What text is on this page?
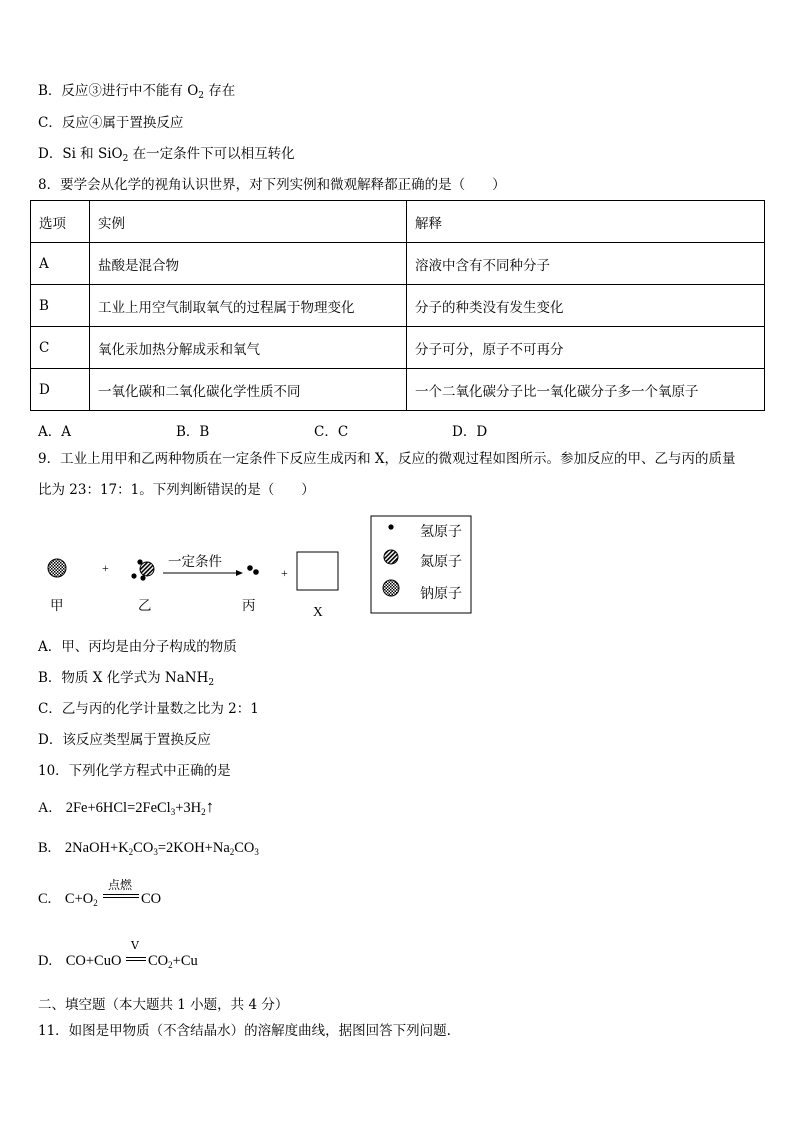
B．反应③进行中不能有 $O_2$ 存在
C．反应④属于置换反应
D．Si 和 SiO$_2$ 在一定条件下可以相互转化
8．要学会从化学的视角认识世界，对下列实例和微观解释都正确的是（　　）
选项	实例	解释
A	盐酸是混合物	溶液中含有不同种分子
B	工业上用空气制取氧气的过程属于物理变化	分子的种类没有发生变化
C	氧化汞加热分解成汞和氧气	分子可分，原子不可再分
D	一氧化碳和二氧化碳化学性质不同	一个二氧化碳分子比一氧化碳分子多一个氧原子
A．A	B．B	C．C	D．D
9．工业上用甲和乙两种物质在一定条件下反应生成丙和 X，反应的微观过程如图所示。参加反应的甲、乙与丙的质量
比为 23：17：1。下列判断错误的是（　　）
+	一定条件
+
甲	乙	丙	X
氢原子
氮原子
钠原子
A．甲、丙均是由分子构成的物质
B．物质 X 化学式为 NaNH$_2$
C．乙与丙的化学计量数之比为 2：1
D．该反应类型属于置换反应
10．下列化学方程式中正确的是
A. $2Fe+6HCl=2FeCl_3+3H_2↑$
B. $2NaOH+K_2CO_3=2KOH+Na_2CO_3$
C. $C+O_2$
点燃
CO
D. CO+CuO
V
$CO_2+Cu$
二、填空题（本大题共 1 小题，共 4 分）
11．如图是甲物质（不含结晶水）的溶解度曲线，据图回答下列问题.
